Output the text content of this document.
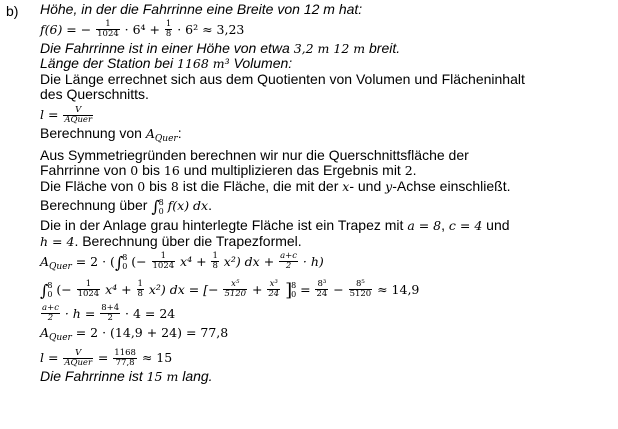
b) Höhe, in der die Fahrrinne eine Breite von 12 m hat:
f(6) = − $\frac{1}{1024} \cdot 6^4 + \frac{1}{8} \cdot 6^2 \approx 3,23$
Die Fahrrinne ist in einer Höhe von etwa 3,2 m 12 m breit.
Länge der Station bei 1168 m³ Volumen:
Die Länge errechnet sich aus dem Quotienten von Volumen und Flächeninhalt
des Querschnitts.
$l = \frac{V}{\text{AQuer}}$
Berechnung von $A_{Quer}$:
Aus Symmetriegründen berechnen wir nur die Querschnittsfläche der
Fahrrinne von 0 bis 16 und multiplizieren das Ergebnis mit 2.
Die Fläche von 0 bis 8 ist die Fläche, die mit der x- und y-Achse einschließt.
Berechnung über ∫ 8
0 f(x) dx.
Die in der Anlage grau hinterlegte Fläche ist ein Trapez mit a = 8, c = 4 und
h = 4. Berechnung über die Trapezformel.
$A_{Quer} = 2$ · (∫ 8
0 (− $\frac{1}{1024} x^4 + \frac{1}{8} x^2$) dx + $\frac{a+c}{2} \cdot h$)
∫ 8
0 (− $\frac{1}{1024} x^4 + \frac{1}{8} x^2$) dx = [− $\frac{\text{x⁵}}{5120} + \frac{\text{x³}}{24}$ ] 8
$0 = \frac{\text{8³}}{24} - \frac{\text{8⁵}}{5120} \approx 14,9$
$\frac{a+c}{2} \cdot h = \frac{8+4}{2} \cdot 4 = 24$
$A_{Quer} = 2 \cdot (14,9 + 24) = 77,8$
$l = \frac{V}{\text{AQuer}} = \frac{1168}{77,8} \approx 15$
Die Fahrrinne ist 15 m lang.
